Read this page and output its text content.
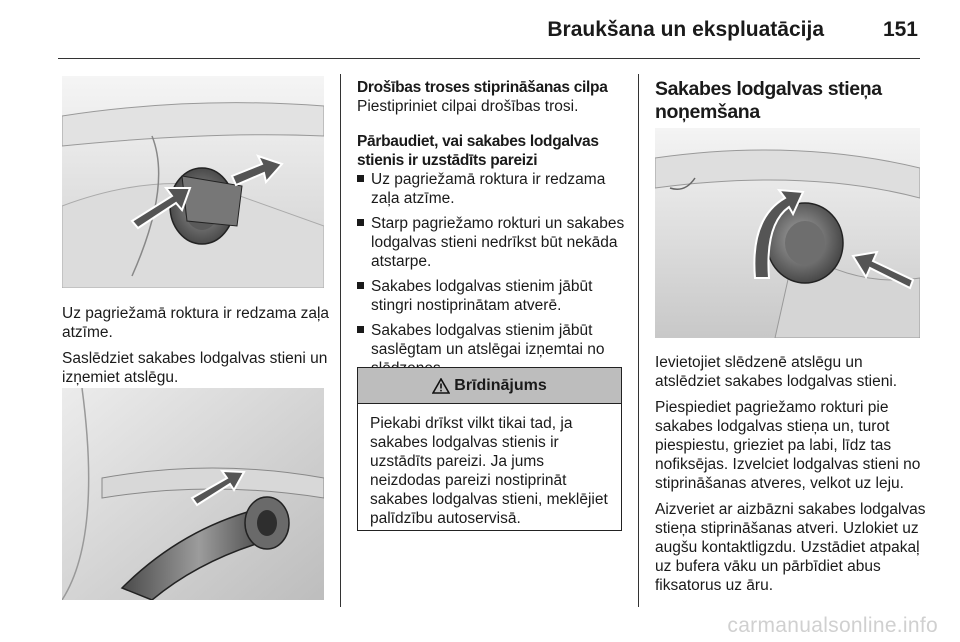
Braukšana un ekspluatācija	151

Uz pagriežamā roktura ir redzama zaļa atzīme.

Saslēdziet sakabes lodgalvas stieni un izņemiet atslēgu.

Drošības troses stiprināšanas cilpa

Piestipriniet cilpai drošības trosi.

Pārbaudiet, vai sakabes lodgalvas stienis ir uzstādīts pareizi

Uz pagriežamā roktura ir redzama zaļa atzīme.
Starp pagriežamo rokturi un sakabes lodgalvas stieni nedrīkst būt nekāda atstarpe.
Sakabes lodgalvas stienim jābūt stingri nostiprinātam atverē.
Sakabes lodgalvas stienim jābūt saslēgtam un atslēgai izņemtai no
Brīdinājums
Piekabi drīkst vilkt tikai tad, ja sakabes lodgalvas stienis ir uzstādīts pareizi. Ja jums neizdodas pareizi nostiprināt sakabes lodgalvas stieni, meklējiet palīdzību autoservisā.
Sakabes lodgalvas stieņa noņemšana

Ievietojiet slēdzenē atslēgu un atslēdziet sakabes lodgalvas stieni.

Piespiediet pagriežamo rokturi pie sakabes lodgalvas stieņa un, turot piespiestu, grieziet pa labi, līdz tas nofiksējas. Izvelciet lodgalvas stieni no stiprināšanas atveres, velkot uz leju.

Aizveriet ar aizbāzni sakabes lodgalvas stieņa stiprināšanas atveri. Uzlokiet uz augšu kontaktligzdu. Uzstādiet atpakaļ uz bufera vāku un pārbīdiet abus fiksatorus uz āru.

carmanualsonline.info
